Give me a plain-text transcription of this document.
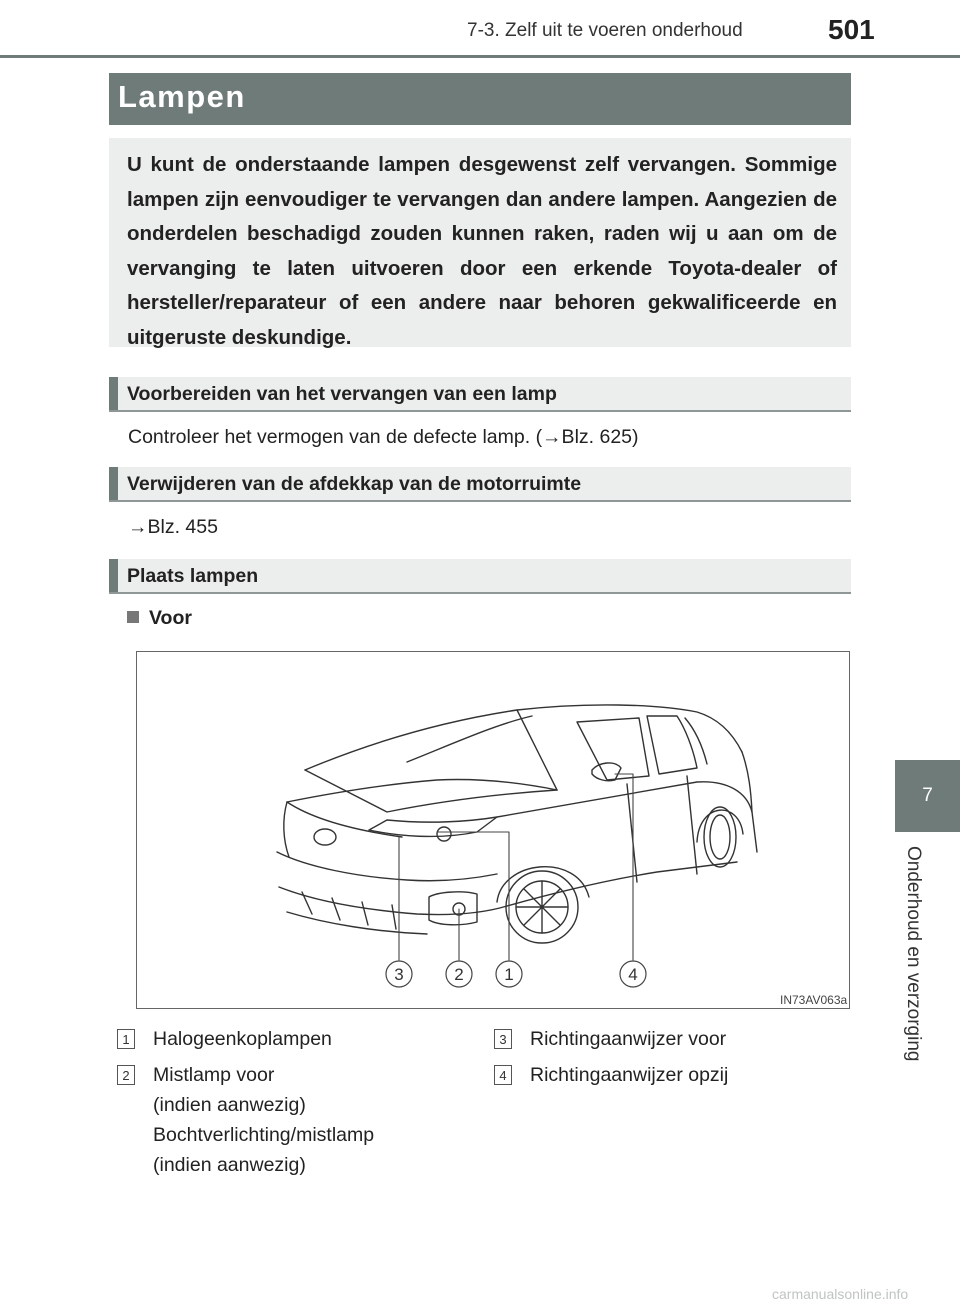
7-3. Zelf uit te voeren onderhoud	501
7
Onderhoud en verzorging
Lampen

U kunt de onderstaande lampen desgewenst zelf vervangen. Sommige lampen zijn eenvoudiger te vervangen dan andere lampen. Aangezien de onderdelen beschadigd zouden kunnen raken, raden wij u aan om de vervanging te laten uitvoeren door een erkende Toyota-dealer of hersteller/reparateur of een andere naar behoren gekwalificeerde en uitgeruste deskundige.

Voorbereiden van het vervangen van een lamp
Controleer het vermogen van de defecte lamp. (→Blz. 625)
Verwijderen van de afdekkap van de motorruimte
→Blz. 455
Plaats lampen
Voor
3	2 1	4
IN73AV063a
1 Halogeenkoplampen
2 Mistlamp voor
(indien aanwezig)
Bochtverlichting/mistlamp
(indien aanwezig)
3 Richtingaanwijzer voor
4 Richtingaanwijzer opzij
carmanualsonline.info
